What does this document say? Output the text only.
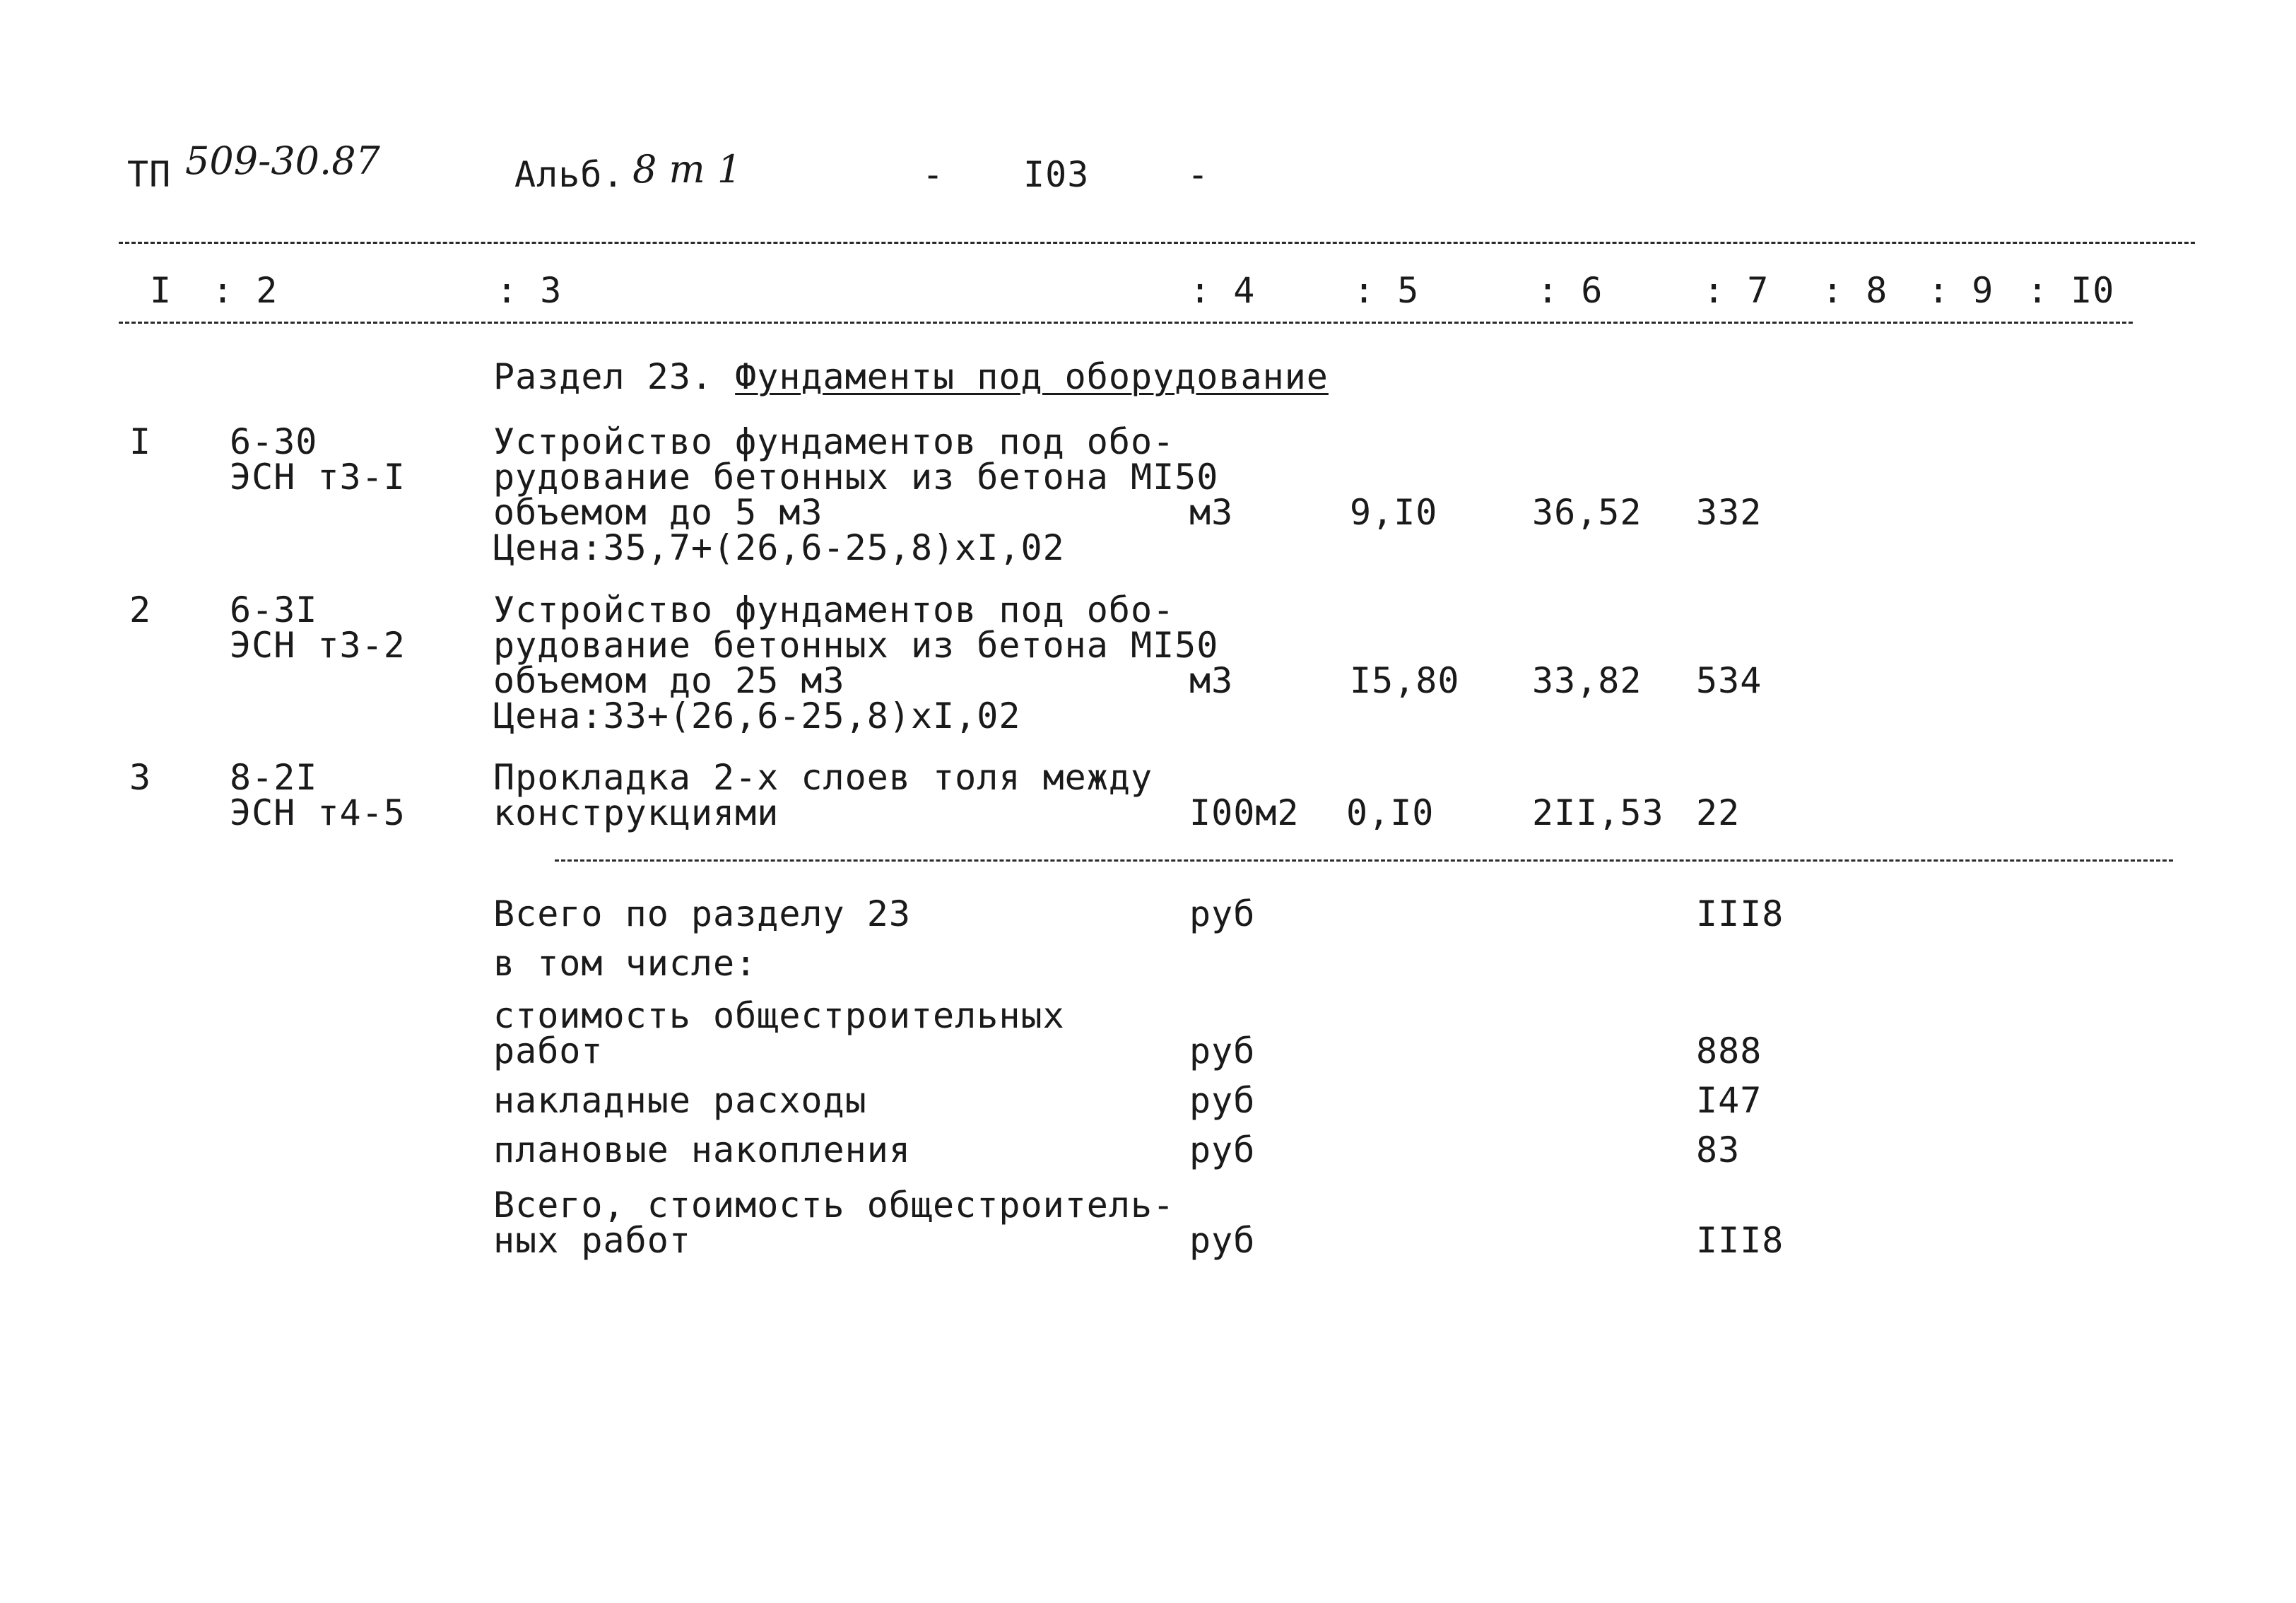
ТП 509-30.87	Альб. 8 т 1	- I03	-
I : 2	: 3	: 4	: 5	: 6	: 7 : 8 : 9 : I0
Раздел 23. Фундаменты под оборудование
I 6-30
ЭСН т3-I
Устройство фундаментов под обо-
рудование бетонных из бетона МI50
объемом до 5 м3
Цена:35,7+(26,6-25,8)хI,02
м3	9,I0	36,52 332
2 6-3I
ЭСН т3-2
Устройство фундаментов под обо-
рудование бетонных из бетона МI50
объемом до 25 м3
Цена:33+(26,6-25,8)хI,02
м3	I5,80 33,82 534
3 8-2I
ЭСН т4-5
Прокладка 2-х слоев толя между
конструкциями	I00м2 0,I0	2II,53 22
Всего по разделу 23	руб	III8
в том числе:
стоимость общестроительных
работ	руб	888
накладные расходы	руб	I47
плановые накопления	руб	83
Всего, стоимость общестроитель-
ных работ	руб	III8
